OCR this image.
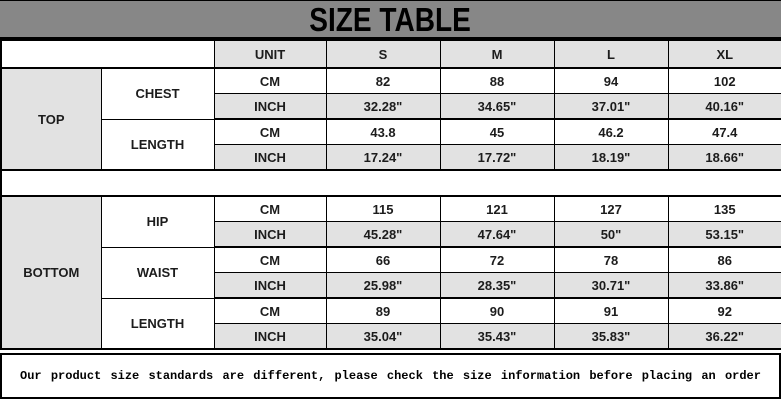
SIZE TABLE
		UNIT	S	M	L	XL
TOP	CHEST	CM	82	88	94	102
		INCH	32.28"	34.65"	37.01"	40.16"
	LENGTH	CM	43.8	45	46.2	47.4
		INCH	17.24"	17.72"	18.19"	18.66"

BOTTOM	HIP	CM	115	121	127	135
		INCH	45.28"	47.64"	50"	53.15"
	WAIST	CM	66	72	78	86
		INCH	25.98"	28.35"	30.71"	33.86"
	LENGTH	CM	89	90	91	92
		INCH	35.04"	35.43"	35.83"	36.22"
Our product size standards are different, please check the size information before placing an order
